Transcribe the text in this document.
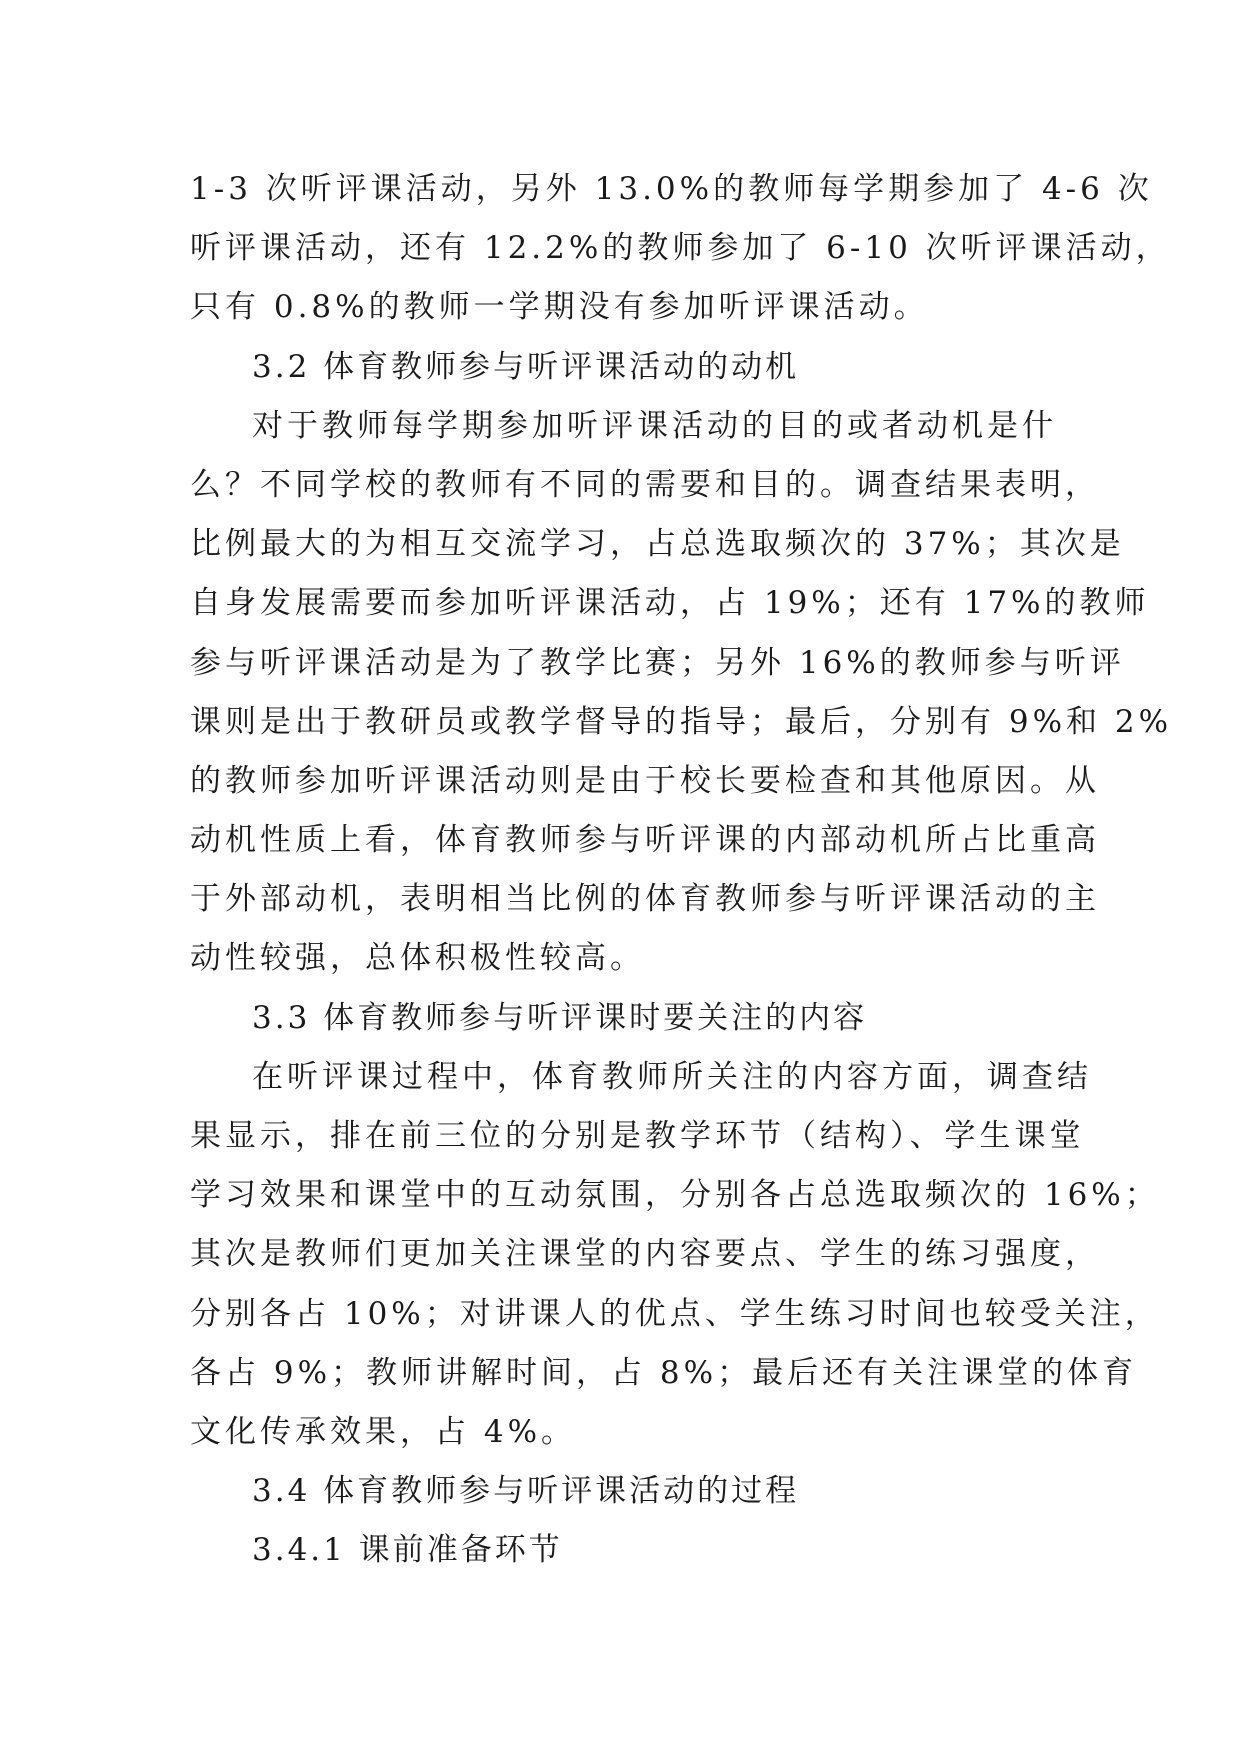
1-3 次听评课活动，另外 13.0%的教师每学期参加了 4-6 次
听评课活动，还有 12.2%的教师参加了 6-10 次听评课活动，
只有 0.8%的教师一学期没有参加听评课活动。
3.2 体育教师参与听评课活动的动机
对于教师每学期参加听评课活动的目的或者动机是什
么？不同学校的教师有不同的需要和目的。调查结果表明，
比例最大的为相互交流学习，占总选取频次的 37%；其次是
自身发展需要而参加听评课活动，占 19%；还有 17%的教师
参与听评课活动是为了教学比赛；另外 16%的教师参与听评
课则是出于教研员或教学督导的指导；最后，分别有 9%和 2%
的教师参加听评课活动则是由于校长要检查和其他原因。从
动机性质上看，体育教师参与听评课的内部动机所占比重高
于外部动机，表明相当比例的体育教师参与听评课活动的主
动性较强，总体积极性较高。
3.3 体育教师参与听评课时要关注的内容
在听评课过程中，体育教师所关注的内容方面，调查结
果显示，排在前三位的分别是教学环节（结构）、学生课堂
学习效果和课堂中的互动氛围，分别各占总选取频次的 16%；
其次是教师们更加关注课堂的内容要点、学生的练习强度，
分别各占 10%；对讲课人的优点、学生练习时间也较受关注，
各占 9%；教师讲解时间，占 8%；最后还有关注课堂的体育
文化传承效果，占 4%。
3.4 体育教师参与听评课活动的过程
3.4.1 课前准备环节
